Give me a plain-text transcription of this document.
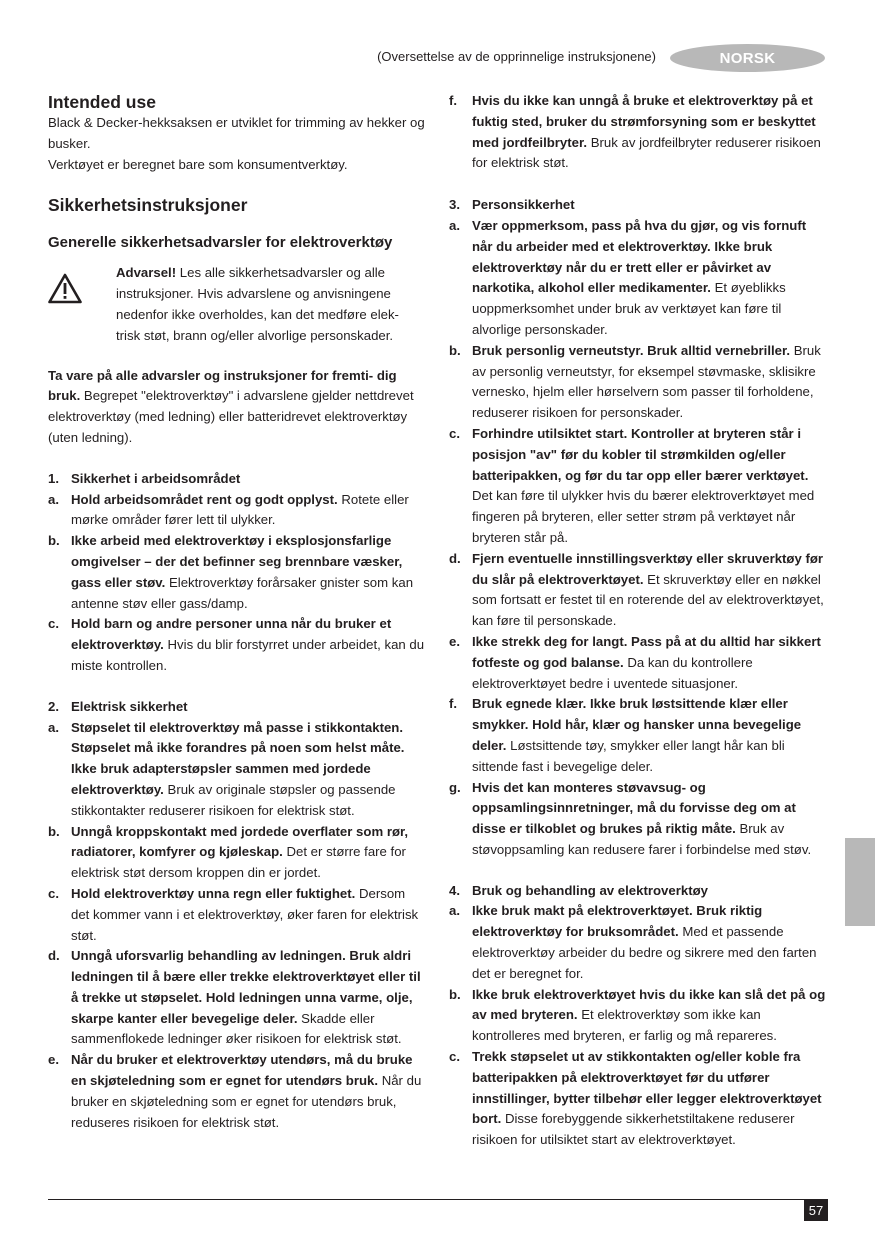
(Oversettelse av de opprinnelige instruksjonene)	NORSK
Intended use

Black & Decker-hekksaksen er utviklet for trimming av hekker og busker.

Verktøyet er beregnet bare som konsumentverktøy.

Sikkerhetsinstruksjoner
Generelle sikkerhetsadvarsler for elektroverktøy

Advarsel! Les alle sikkerhetsadvarsler og alle instruksjoner. Hvis advarslene og anvisningene nedenfor ikke overholdes, kan det medføre elek- trisk støt, brann og/eller alvorlige personskader.

Ta vare på alle advarsler og instruksjoner for fremti- dig bruk. Begrepet "elektroverktøy" i advarslene gjelder nettdrevet elektroverktøy (med ledning) eller batteridrevet elektroverktøy (uten ledning).

1. Sikkerhet i arbeidsområdet
a. Hold arbeidsområdet rent og godt opplyst. Rotete eller mørke områder fører lett til ulykker.
b. Ikke arbeid med elektroverktøy i eksplosjonsfarlige omgivelser – der det befinner seg brennbare væsker, gass eller støv. Elektroverktøy forårsaker gnister som kan antenne støv eller gass/damp.
c. Hold barn og andre personer unna når du bruker et elektroverktøy. Hvis du blir forstyrret under arbeidet, kan du miste kontrollen.
2. Elektrisk sikkerhet
a. Støpselet til elektroverktøy må passe i stikkontakten. Støpselet må ikke forandres på noen som helst måte. Ikke bruk adapterstøpsler sammen med jordede elektroverktøy. Bruk av originale støpsler og passende stikkontakter reduserer risikoen for elektrisk støt.
b. Unngå kroppskontakt med jordede overflater som rør, radiatorer, komfyrer og kjøleskap. Det er større fare for elektrisk støt dersom kroppen din er jordet.
c. Hold elektroverktøy unna regn eller fuktighet. Dersom det kommer vann i et elektroverktøy, øker faren for elektrisk støt.
d. Unngå uforsvarlig behandling av ledningen. Bruk aldri ledningen til å bære eller trekke elektroverktøyet eller til å trekke ut støpselet. Hold ledningen unna varme, olje, skarpe kanter eller bevegelige deler. Skadde eller sammenflokede ledninger øker risikoen for elektrisk støt.
e. Når du bruker et elektroverktøy utendørs, må du bruke en skjøteledning som er egnet for utendørs bruk. Når du bruker en skjøteledning som er egnet for utendørs bruk, reduseres risikoen for elektrisk støt.
f. Hvis du ikke kan unngå å bruke et elektroverktøy på et fuktig sted, bruker du strømforsyning som er beskyttet med jordfeilbryter. Bruk av jordfeilbryter reduserer risikoen for elektrisk støt.
3. Personsikkerhet
a. Vær oppmerksom, pass på hva du gjør, og vis fornuft når du arbeider med et elektroverktøy. Ikke bruk elektroverktøy når du er trett eller er påvirket av narkotika, alkohol eller medikamenter. Et øyeblikks uoppmerksomhet under bruk av verktøyet kan føre til alvorlige personskader.
b. Bruk personlig verneutstyr. Bruk alltid vernebriller. Bruk av personlig verneutstyr, for eksempel støvmaske, sklisikre vernesko, hjelm eller hørselvern som passer til forholdene, reduserer risikoen for personskader.
c. Forhindre utilsiktet start. Kontroller at bryteren står i posisjon "av" før du kobler til strømkilden og/eller batteripakken, og før du tar opp eller bærer verktøyet. Det kan føre til ulykker hvis du bærer elektroverktøyet med fingeren på bryteren, eller setter strøm på verktøyet når bryteren står på.
d. Fjern eventuelle innstillingsverktøy eller skruverktøy før du slår på elektroverktøyet. Et skruverktøy eller en nøkkel som fortsatt er festet til en roterende del av elektroverktøyet, kan føre til personskade.
e. Ikke strekk deg for langt. Pass på at du alltid har sikkert fotfeste og god balanse. Da kan du kontrollere elektroverktøyet bedre i uventede situasjoner.
f. Bruk egnede klær. Ikke bruk løstsittende klær eller smykker. Hold hår, klær og hansker unna bevegelige deler. Løstsittende tøy, smykker eller langt hår kan bli sittende fast i bevegelige deler.
g. Hvis det kan monteres støvavsug- og oppsamlingsinnretninger, må du forvisse deg om at disse er tilkoblet og brukes på riktig måte. Bruk av støvoppsamling kan redusere farer i forbindelse med støv.
4. Bruk og behandling av elektroverktøy
a. Ikke bruk makt på elektroverktøyet. Bruk riktig elektroverktøy for bruksområdet. Med et passende elektroverktøy arbeider du bedre og sikrere med den farten det er beregnet for.
b. Ikke bruk elektroverktøyet hvis du ikke kan slå det på og av med bryteren. Et elektroverktøy som ikke kan kontrolleres med bryteren, er farlig og må repareres.
c. Trekk støpselet ut av stikkontakten og/eller koble fra batteripakken på elektroverktøyet før du utfører innstillinger, bytter tilbehør eller legger elektroverktøyet bort. Disse forebyggende sikkerhetstiltakene reduserer risikoen for utilsiktet start av elektroverktøyet.
57
